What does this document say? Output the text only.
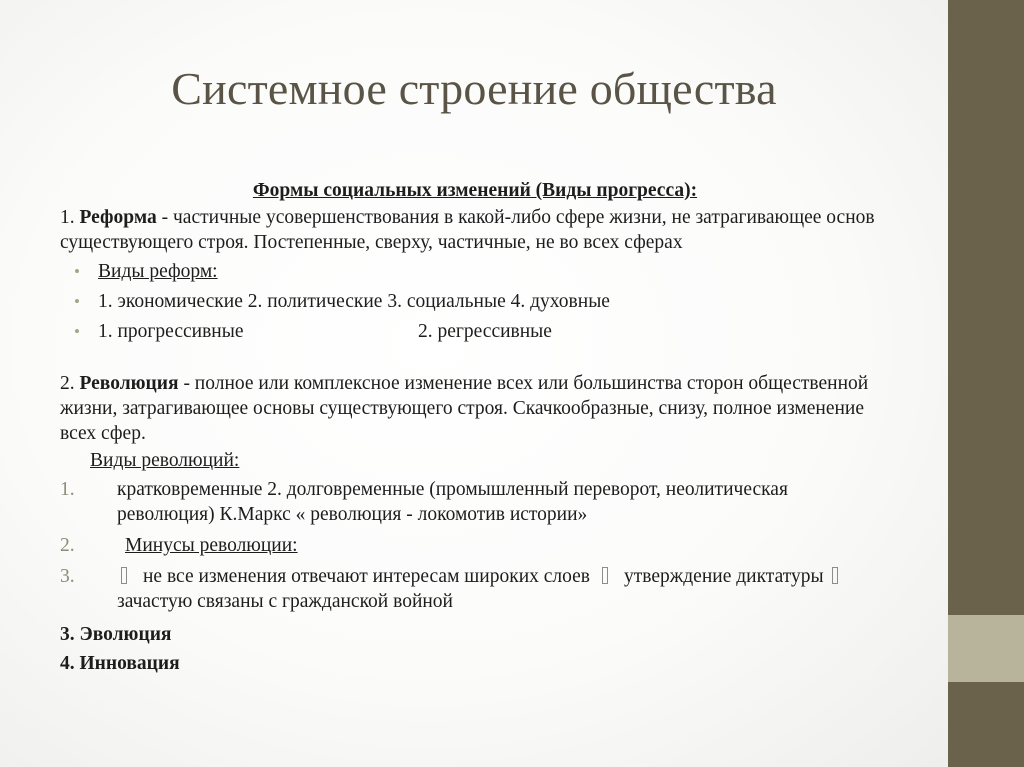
Системное строение общества
Формы социальных изменений (Виды прогресса):

1. Реформа - частичные усовершенствования в какой-либо сфере жизни, не затрагивающее основ существующего строя. Постепенные, сверху, частичные, не во всех сферах

• Виды реформ:
• 1. экономические 2. политические 3. социальные 4. духовные
• 1. прогрессивные	2. регрессивные

2. Революция - полное или комплексное изменение всех или большинства сторон общественной жизни, затрагивающее основы существующего строя. Скачкообразные, снизу, полное изменение всех сфер.

Виды революций:
1. кратковременные 2. долговременные (промышленный переворот, неолитическая революция) К.Маркс « революция - локомотив истории»
2.	Минусы революции:
3.	не все изменения отвечают интересам широких слоев утверждение диктатурызачастую связаны с гражданской войной
3. Эволюция
4. Инновация
